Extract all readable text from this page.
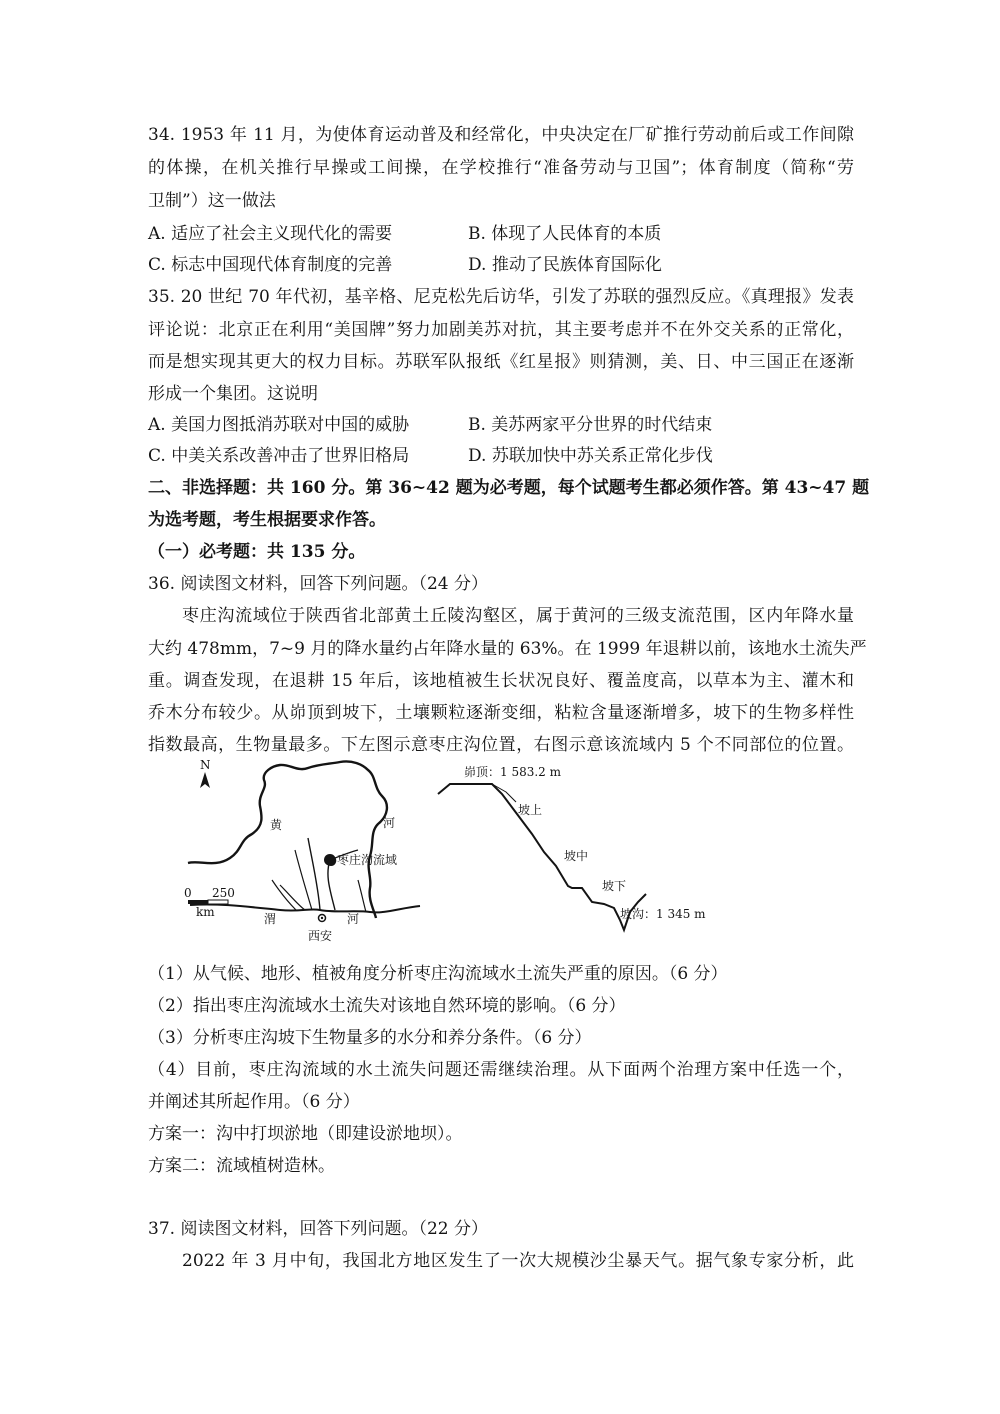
34. 1953 年 11 月，为使体育运动普及和经常化，中央决定在厂矿推行劳动前后或工作间隙
的体操，在机关推行早操或工间操，在学校推行“准备劳动与卫国”；体育制度（简称“劳
卫制”）这一做法
A. 适应了社会主义现代化的需要	B. 体现了人民体育的本质
C. 标志中国现代体育制度的完善	D. 推动了民族体育国际化
35. 20 世纪 70 年代初，基辛格、尼克松先后访华，引发了苏联的强烈反应。《真理报》发表
评论说：北京正在利用“美国牌”努力加剧美苏对抗，其主要考虑并不在外交关系的正常化，
而是想实现其更大的权力目标。苏联军队报纸《红星报》则猜测，美、日、中三国正在逐渐
形成一个集团。这说明
A. 美国力图抵消苏联对中国的威胁	B. 美苏两家平分世界的时代结束
C. 中美关系改善冲击了世界旧格局	D. 苏联加快中苏关系正常化步伐
二、非选择题：共 160 分。第 36~42 题为必考题，每个试题考生都必须作答。第 43~47 题
为选考题，考生根据要求作答。
（一）必考题：共 135 分。
36. 阅读图文材料，回答下列问题。（24 分）
枣庄沟流域位于陕西省北部黄土丘陵沟壑区，属于黄河的三级支流范围，区内年降水量
大约 478mm，7~9 月的降水量约占年降水量的 63%。在 1999 年退耕以前，该地水土流失严
重。调查发现，在退耕 15 年后，该地植被生长状况良好、覆盖度高，以草本为主、灌木和
乔木分布较少。从峁顶到坡下，土壤颗粒逐渐变细，粘粒含量逐渐增多，坡下的生物多样性
指数最高，生物量最多。下左图示意枣庄沟位置，右图示意该流域内 5 个不同部位的位置。
N
枣庄沟流域
黄	河
0 250
km	渭	河
西安
峁顶：1 583.2 m
坡上
坡中
坡下
坡沟：1 345 m
（1）从气候、地形、植被角度分析枣庄沟流域水土流失严重的原因。（6 分）
（2）指出枣庄沟流域水土流失对该地自然环境的影响。（6 分）
（3）分析枣庄沟坡下生物量多的水分和养分条件。（6 分）
（4）目前，枣庄沟流域的水土流失问题还需继续治理。从下面两个治理方案中任选一个，
并阐述其所起作用。（6 分）
方案一：沟中打坝淤地（即建设淤地坝）。
方案二：流域植树造林。
37. 阅读图文材料，回答下列问题。（22 分）
2022 年 3 月中旬，我国北方地区发生了一次大规模沙尘暴天气。据气象专家分析，此
